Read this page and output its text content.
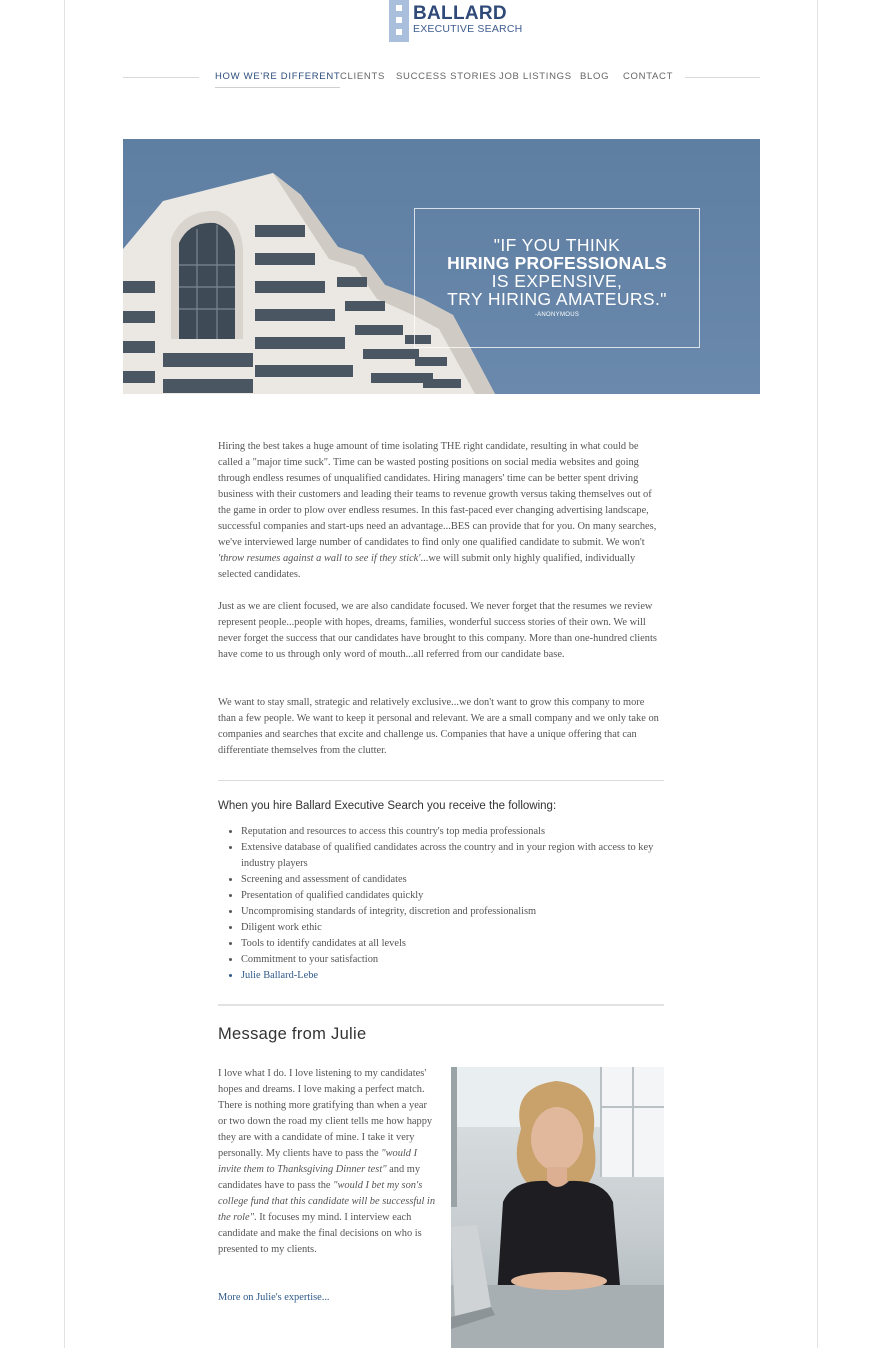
BALLARD
EXECUTIVE SEARCH
HOW WE'RE DIFFERENT CLIENTS SUCCESS STORIES JOB LISTINGS BLOG CONTACT
"IF YOU THINK
HIRING PROFESSIONALS
IS EXPENSIVE,
TRY HIRING AMATEURS."
-ANONYMOUS

Hiring the best takes a huge amount of time isolating THE right candidate, resulting in what could be called a "major time suck". Time can be wasted posting positions on social media websites and going through endless resumes of unqualified candidates. Hiring managers' time can be better spent driving business with their customers and leading their teams to revenue growth versus taking themselves out of the game in order to plow over endless resumes. In this fast-paced ever changing advertising landscape, successful companies and start-ups need an advantage...BES can provide that for you. On many searches, we've interviewed large number of candidates to find only one qualified candidate to submit. We won't 'throw resumes against a wall to see if they stick'...we will submit only highly qualified, individually selected candidates.

Just as we are client focused, we are also candidate focused. We never forget that the resumes we review represent people...people with hopes, dreams, families, wonderful success stories of their own. We will never forget the success that our candidates have brought to this company. More than one-hundred clients have come to us through only word of mouth...all referred from our candidate base.

We want to stay small, strategic and relatively exclusive...we don't want to grow this company to more than a few people. We want to keep it personal and relevant. We are a small company and we only take on companies and searches that excite and challenge us. Companies that have a unique offering that can differentiate themselves from the clutter.

When you hire Ballard Executive Search you receive the following:
• Reputation and resources to access this country's top media professionals
• Extensive database of qualified candidates across the country and in your region with access to key industry players
• Screening and assessment of candidates
• Presentation of qualified candidates quickly
• Uncompromising standards of integrity, discretion and professionalism
• Diligent work ethic
• Tools to identify candidates at all levels
• Commitment to your satisfaction
• Julie Ballard-Lebe
Message from Julie

I love what I do. I love listening to my candidates' hopes and dreams. I love making a perfect match. There is nothing more gratifying than when a year or two down the road my client tells me how happy they are with a candidate of mine. I take it very personally. My clients have to pass the "would I invite them to Thanksgiving Dinner test" and my candidates have to pass the "would I bet my son's college fund that this candidate will be successful in the role". It focuses my mind. I interview each candidate and make the final decisions on who is presented to my clients.

More on Julie's expertise...
